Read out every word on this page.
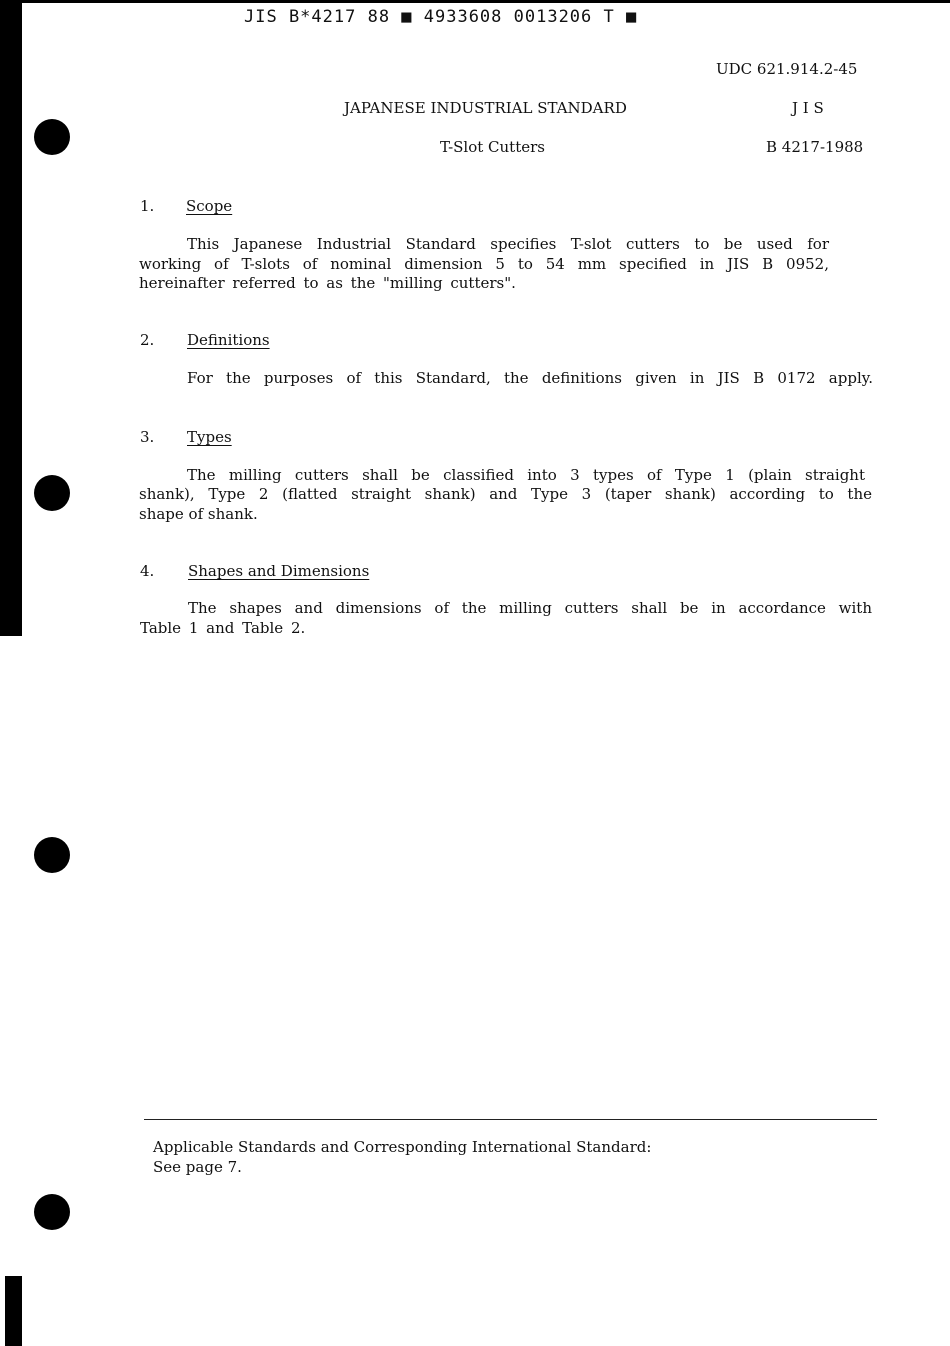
JIS B*4217 88 ■ 4933608 0013206 T ■
UDC 621.914.2-45
JAPANESE INDUSTRIAL STANDARD	J I S
T-Slot Cutters	B 4217-1988
1. Scope
This Japanese Industrial Standard specifies T-slot cutters to be used for
working of T-slots of nominal dimension 5 to 54 mm specified in JIS B 0952,
hereinafter referred to as the "milling cutters".
2. Definitions
For the purposes of this Standard, the definitions given in JIS B 0172 apply.
3. Types
The milling cutters shall be classified into 3 types of Type 1 (plain straight
shank), Type 2 (flatted straight shank) and Type 3 (taper shank) according to the
shape of shank.
4. Shapes and Dimensions
The shapes and dimensions of the milling cutters shall be in accordance with
Table 1 and Table 2.
Applicable Standards and Corresponding International Standard:
See page 7.
